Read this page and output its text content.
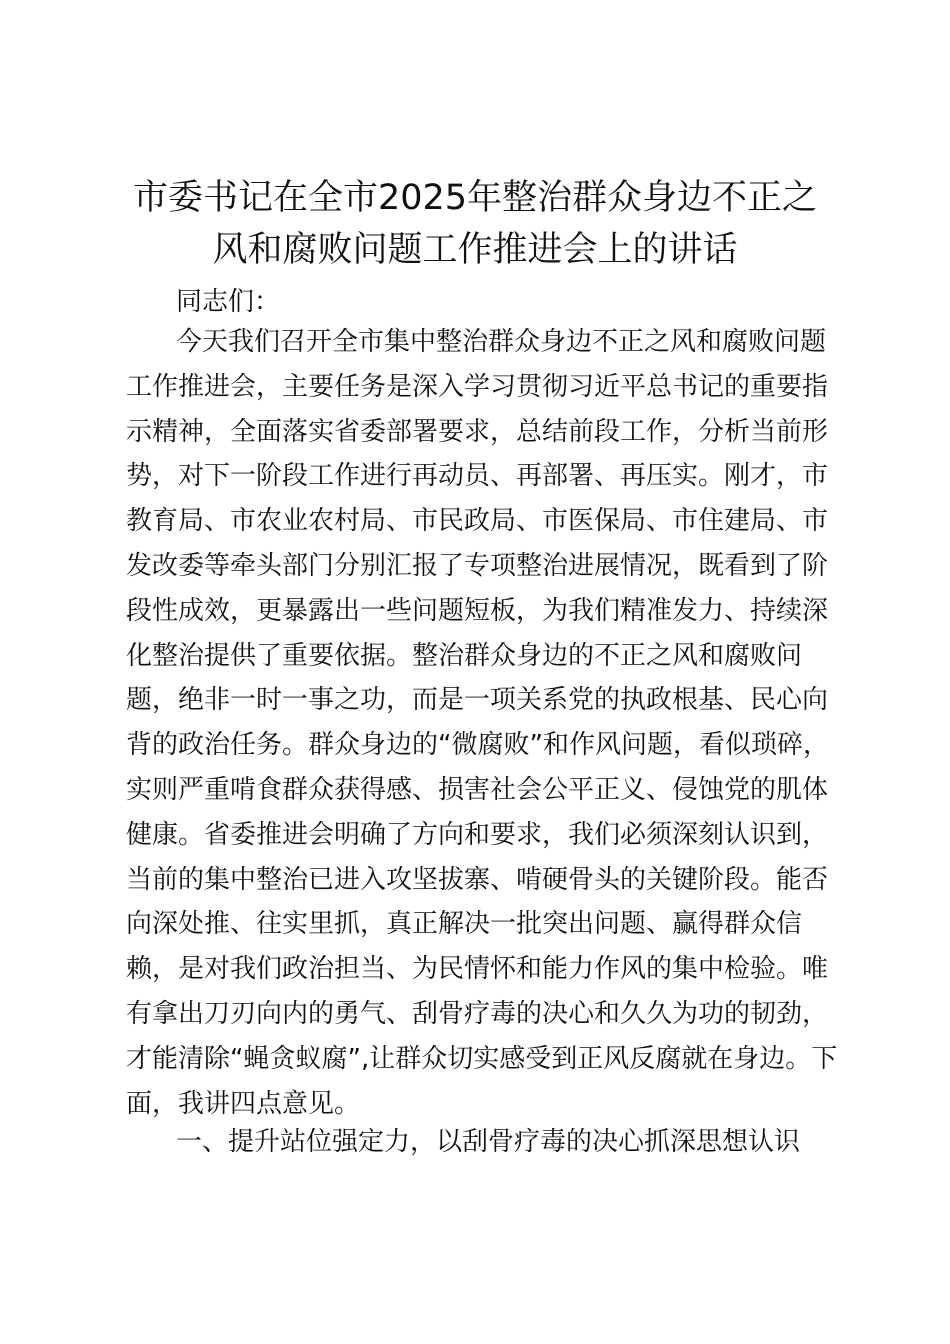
市委书记在全市2025年整治群众身边不正之
风和腐败问题工作推进会上的讲话
同志们：
今天我们召开全市集中整治群众身边不正之风和腐败问题
工作推进会，主要任务是深入学习贯彻习近平总书记的重要指
示精神，全面落实省委部署要求，总结前段工作，分析当前形
势，对下一阶段工作进行再动员、再部署、再压实。刚才，市
教育局、市农业农村局、市民政局、市医保局、市住建局、市
发改委等牵头部门分别汇报了专项整治进展情况，既看到了阶
段性成效，更暴露出一些问题短板，为我们精准发力、持续深
化整治提供了重要依据。整治群众身边的不正之风和腐败问
题，绝非一时一事之功，而是一项关系党的执政根基、民心向
背的政治任务。群众身边的“微腐败”和作风问题，看似琐碎，
实则严重啃食群众获得感、损害社会公平正义、侵蚀党的肌体
健康。省委推进会明确了方向和要求，我们必须深刻认识到，
当前的集中整治已进入攻坚拔寨、啃硬骨头的关键阶段。能否
向深处推、往实里抓，真正解决一批突出问题、赢得群众信
赖，是对我们政治担当、为民情怀和能力作风的集中检验。唯
有拿出刀刃向内的勇气、刮骨疗毒的决心和久久为功的韧劲，
才能清除“蝇贪蚁腐”,让群众切实感受到正风反腐就在身边。下
面，我讲四点意见。
一、提升站位强定力，以刮骨疗毒的决心抓深思想认识
